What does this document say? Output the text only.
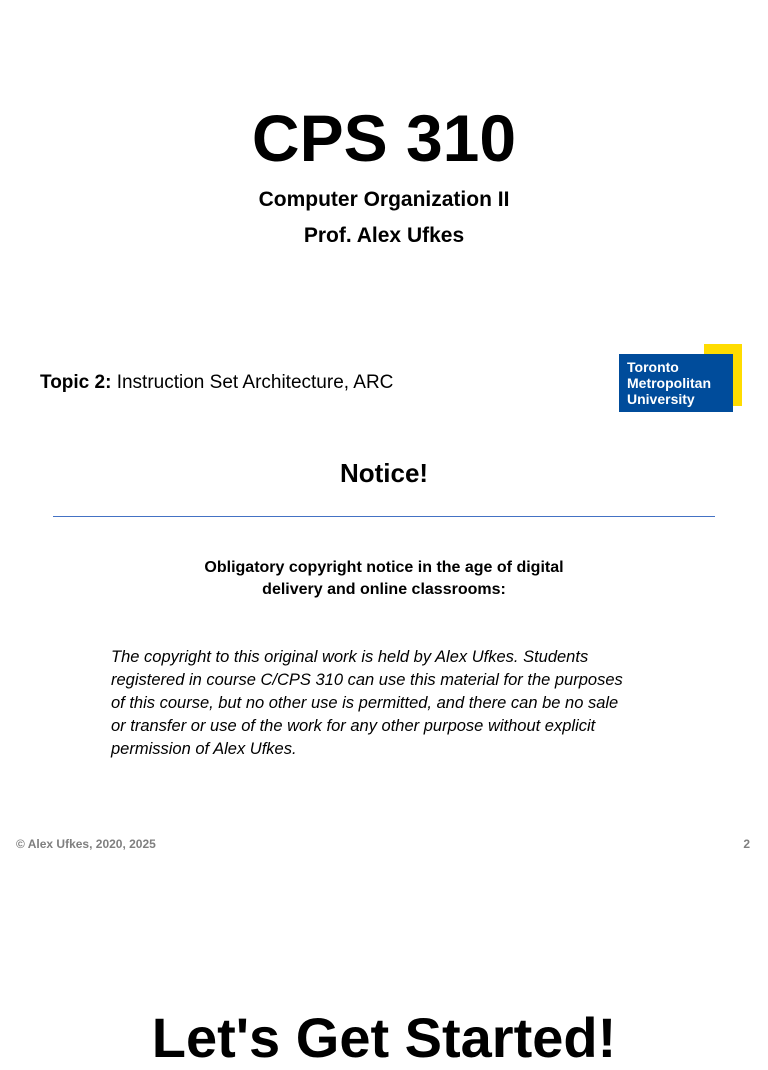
CPS 310
Computer Organization II
Prof. Alex Ufkes
Topic 2: Instruction Set Architecture, ARC
Toronto
Metropolitan
University
Notice!
Obligatory copyright notice in the age of digital
delivery and online classrooms:
The copyright to this original work is held by Alex Ufkes. Students
registered in course C/CPS 310 can use this material for the purposes
of this course, but no other use is permitted, and there can be no sale
or transfer or use of the work for any other purpose without explicit
permission of Alex Ufkes.
© Alex Ufkes, 2020, 2025	2
Let's Get Started!
